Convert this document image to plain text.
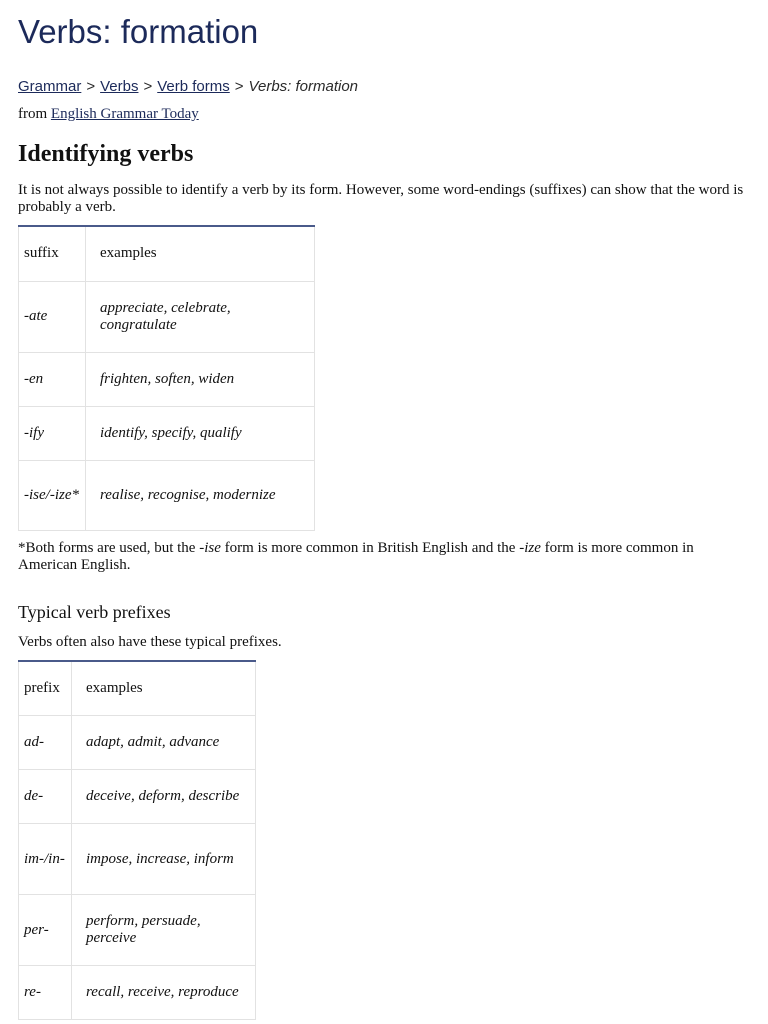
Verbs: formation
Grammar > Verbs > Verb forms > Verbs: formation
from English Grammar Today
Identifying verbs

It is not always possible to identify a verb by its form. However, some word-endings (suffixes) can show that the word is probably a verb.

suffix	examples
-ate	appreciate, celebrate, congratulate
-en	frighten, soften, widen
-ify	identify, specify, qualify
-ise/-ize*	realise, recognise, modernize

*Both forms are used, but the -ise form is more common in British English and the -ize form is more common in American English.

Typical verb prefixes

Verbs often also have these typical prefixes.

prefix	examples
ad-	adapt, admit, advance
de-	deceive, deform, describe
im-/in-	impose, increase, inform
per-	perform, persuade, perceive
re-	recall, receive, reproduce
